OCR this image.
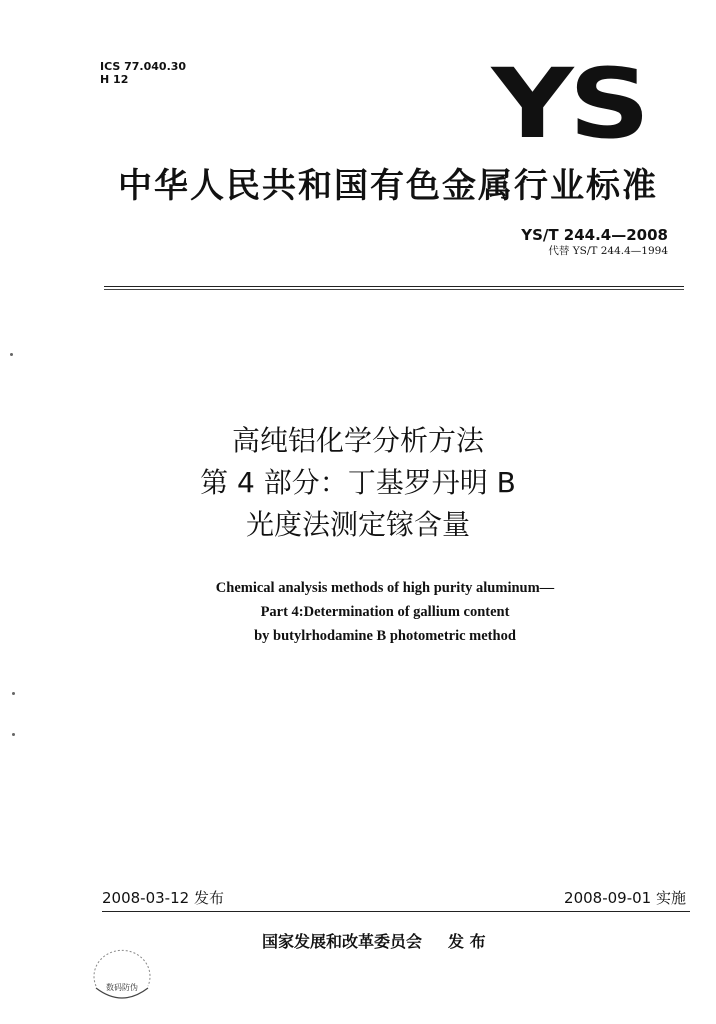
ICS 77.040.30
H 12	YS
中华人民共和国有色金属行业标准
YS/T 244.4—2008
代替 YS/T 244.4—1994
高纯铝化学分析方法
第 4 部分：丁基罗丹明 B
光度法测定镓含量
Chemical analysis methods of high purity aluminum—
Part 4:Determination of gallium content
by butylrhodamine B photometric method
2008-03-12 发布	2008-09-01 实施
国家发展和改革委员会 发 布
数码防伪
